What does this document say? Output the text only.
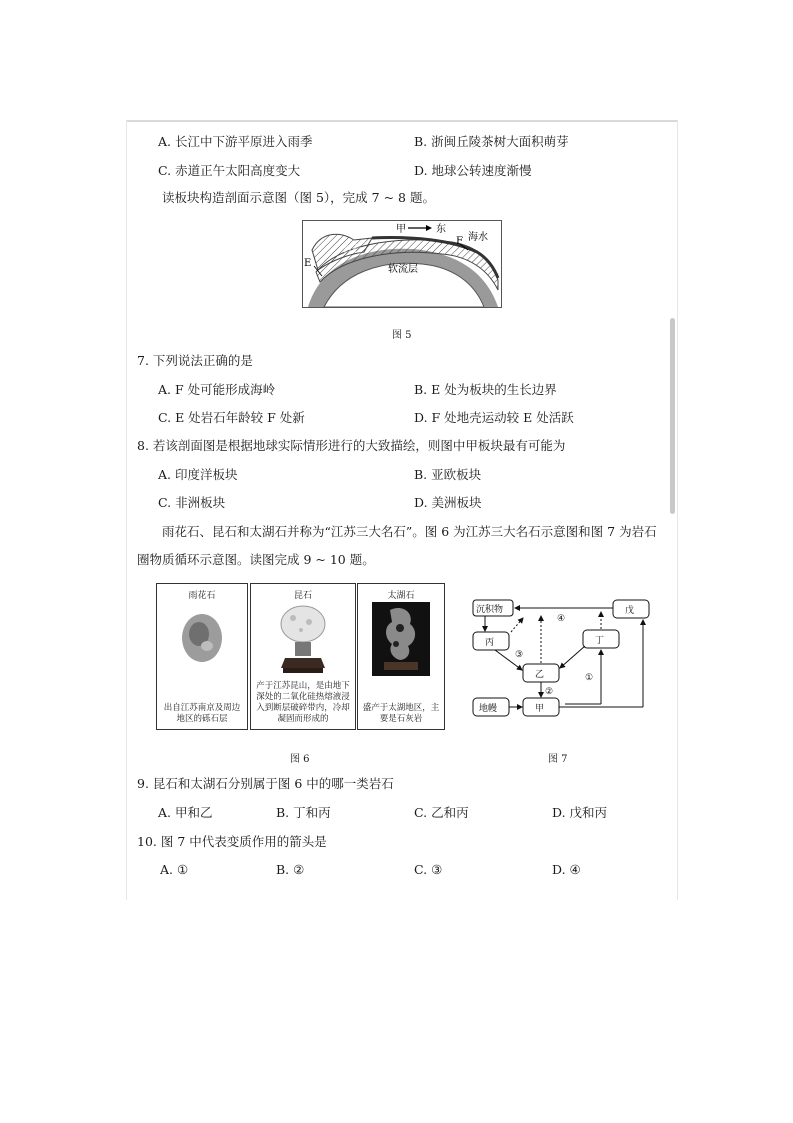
A. 长江中下游平原进入雨季	B. 浙闽丘陵茶树大面积萌芽
C. 赤道正午太阳高度变大	D. 地球公转速度渐慢
读板块构造剖面示意图（图 5），完成 7 ~ 8 题。
甲	东
岩石
海水
F
E
软流层
图 5
7. 下列说法正确的是
A. F 处可能形成海岭	B. E 处为板块的生长边界
C. E 处岩石年龄较 F 处新	D. F 处地壳运动较 E 处活跃
8. 若该剖面图是根据地球实际情形进行的大致描绘，则图中甲板块最有可能为
A. 印度洋板块	B. 亚欧板块
C. 非洲板块	D. 美洲板块
雨花石、昆石和太湖石并称为“江苏三大名石”。图 6 为江苏三大名石示意图和图 7 为岩石
圈物质循环示意图。读图完成 9 ~ 10 题。
雨花石
出自江苏南京及周边地区的砾石层
昆石
产于江苏昆山，是由地下深处的二氧化硅热熔液浸入到断层破碎带内，冷却凝固而形成的
太湖石
盛产于太湖地区，主要是石灰岩
图 6
沉积物	戊
丙	丁
乙
甲
地幔
④
③
②
①
图 7
9. 昆石和太湖石分别属于图 6 中的哪一类岩石
A. 甲和乙	B. 丁和丙	C. 乙和丙	D. 戊和丙
10. 图 7 中代表变质作用的箭头是
A. ①	B. ②	C. ③	D. ④
